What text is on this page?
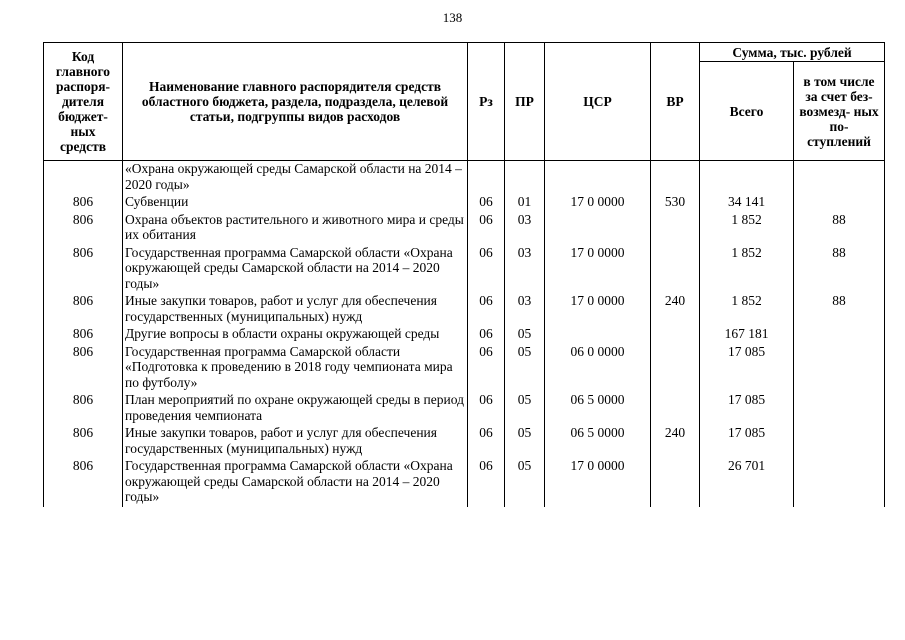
138
Код главного распоря- дителя бюджет- ных средств	Наименование главного распорядителя средств областного бюджета, раздела, подраздела, целевой статьи, подгруппы видов расходов	Рз	ПР	ЦСР	ВР	Сумма, тыс. рублей	
						Всего	в том числе за счет без- возмезд- ных по- ступлений
	«Охрана окружающей среды Самарской области на 2014 – 2020 годы»						
806	Субвенции	06	01	17 0 0000	530	34 141	
806	Охрана объектов растительного и животного мира и среды их обитания	06	03			1 852	88
806	Государственная программа Самарской области «Охрана окружающей среды Самарской области на 2014 – 2020 годы»	06	03	17 0 0000		1 852	88
806	Иные закупки товаров, работ и услуг для обеспечения государственных (муниципальных) нужд	06	03	17 0 0000	240	1 852	88
806	Другие вопросы в области охраны окружающей среды	06	05			167 181	
806	Государственная программа Самарской области «Подготовка к проведению в 2018 году чемпионата мира по футболу»	06	05	06 0 0000		17 085	
806	План мероприятий по охране окружающей среды в период проведения чемпионата	06	05	06 5 0000		17 085	
806	Иные закупки товаров, работ и услуг для обеспечения государственных (муниципальных) нужд	06	05	06 5 0000	240	17 085	
806	Государственная программа Самарской области «Охрана окружающей среды Самарской области на 2014 – 2020 годы»	06	05	17 0 0000		26 701	
